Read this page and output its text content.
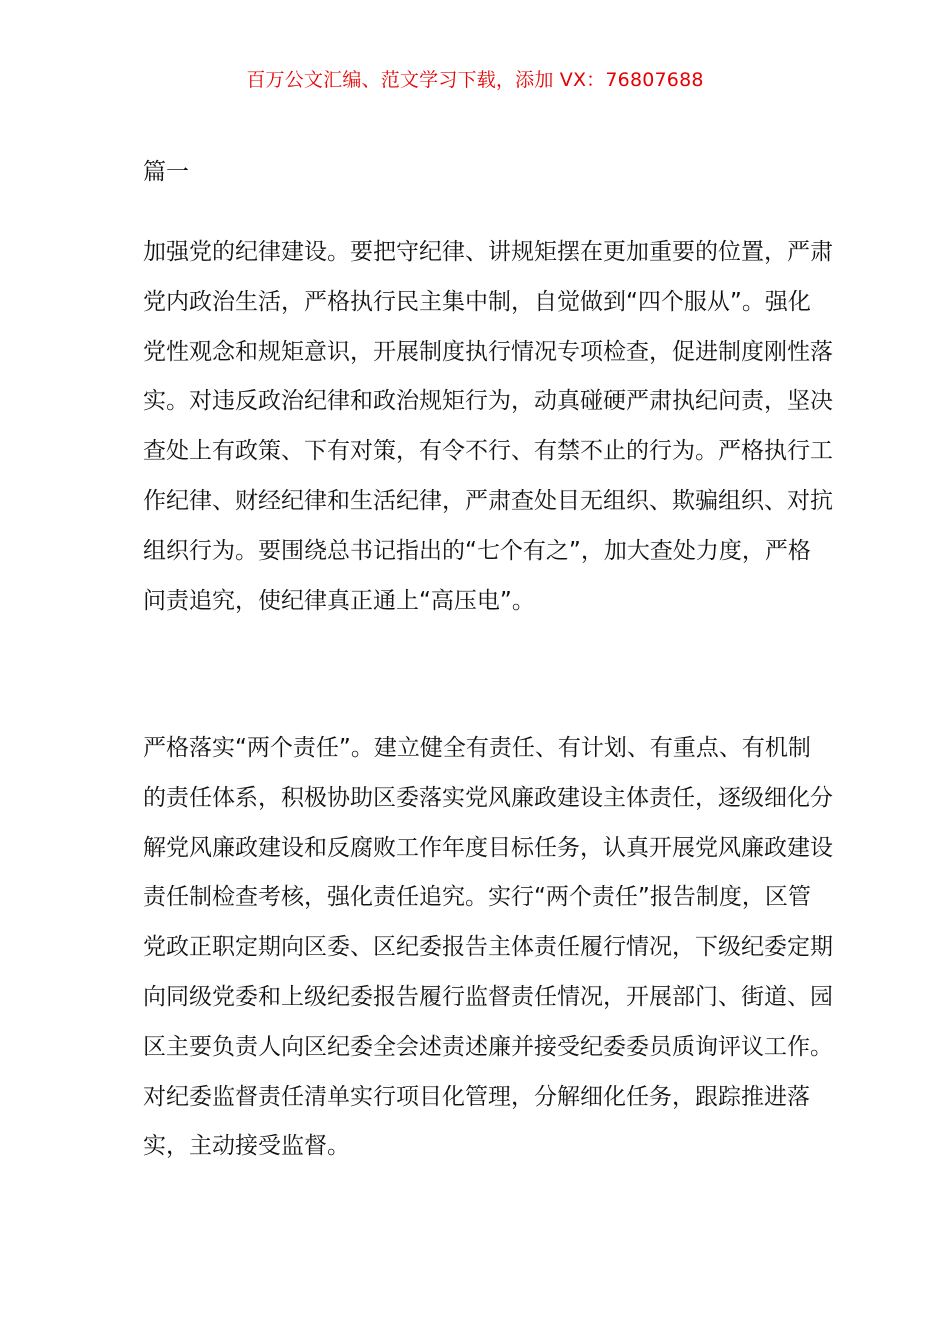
百万公文汇编、范文学习下载，添加 VX：76807688
篇一

加强党的纪律建设。要把守纪律、讲规矩摆在更加重要的位置，严肃党内政治生活，严格执行民主集中制，自觉做到“四个服从”。强化党性观念和规矩意识，开展制度执行情况专项检查，促进制度刚性落实。对违反政治纪律和政治规矩行为，动真碰硬严肃执纪问责，坚决查处上有政策、下有对策，有令不行、有禁不止的行为。严格执行工作纪律、财经纪律和生活纪律，严肃查处目无组织、欺骗组织、对抗组织行为。要围绕总书记指出的“七个有之”，加大查处力度，严格问责追究，使纪律真正通上“高压电”。

严格落实“两个责任”。建立健全有责任、有计划、有重点、有机制的责任体系，积极协助区委落实党风廉政建设主体责任，逐级细化分解党风廉政建设和反腐败工作年度目标任务，认真开展党风廉政建设责任制检查考核，强化责任追究。实行“两个责任”报告制度，区管党政正职定期向区委、区纪委报告主体责任履行情况，下级纪委定期向同级党委和上级纪委报告履行监督责任情况，开展部门、街道、园区主要负责人向区纪委全会述责述廉并接受纪委委员质询评议工作。对纪委监督责任清单实行项目化管理，分解细化任务，跟踪推进落实，主动接受监督。
